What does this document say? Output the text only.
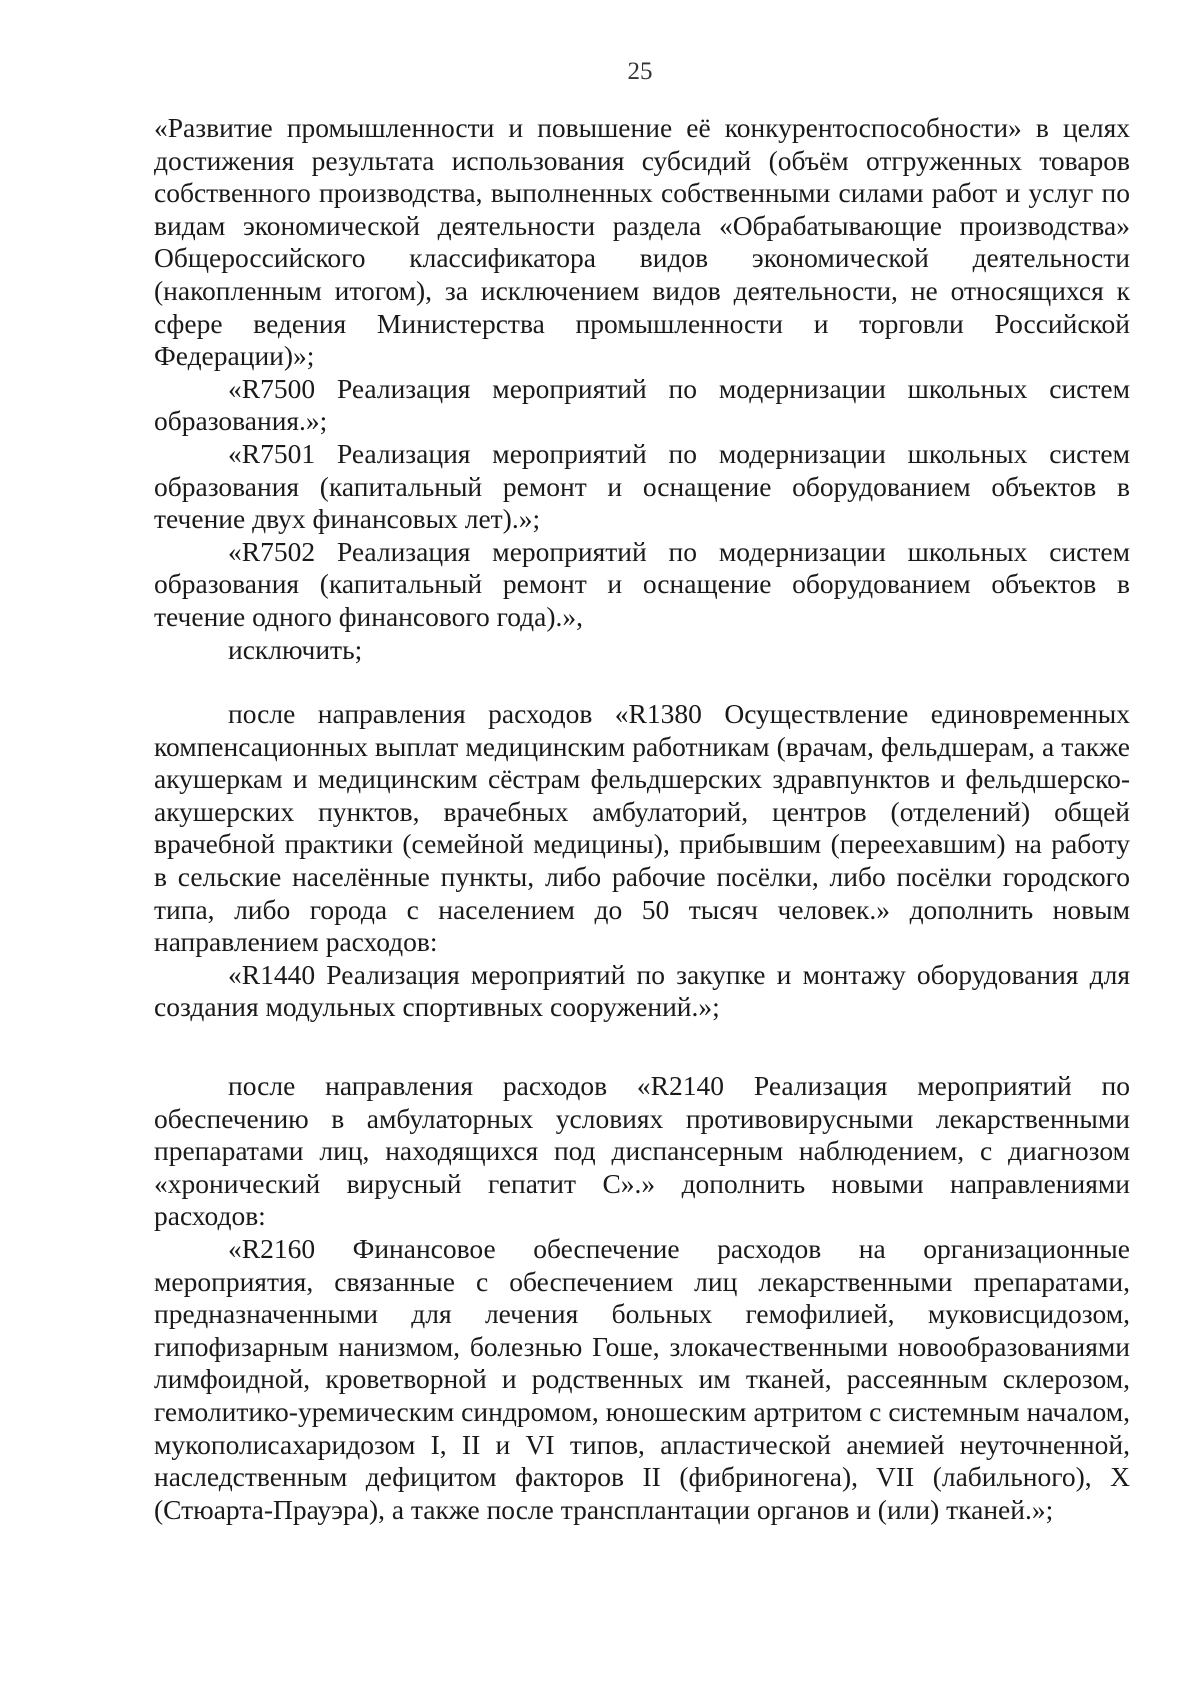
25

«Развитие промышленности и повышение её конкурентоспособности» в целях достижения результата использования субсидий (объём отгруженных товаров собственного производства, выполненных собственными силами работ и услуг по видам экономической деятельности раздела «Обрабатывающие производства» Общероссийского классификатора видов экономической деятельности (накопленным итогом), за исключением видов деятельности, не относящихся к сфере ведения Министерства промышленности и торговли Российской Федерации)»;

«R7500 Реализация мероприятий по модернизации школьных систем образования.»;

«R7501 Реализация мероприятий по модернизации школьных систем образования (капитальный ремонт и оснащение оборудованием объектов в течение двух финансовых лет).»;

«R7502 Реализация мероприятий по модернизации школьных систем образования (капитальный ремонт и оснащение оборудованием объектов в течение одного финансового года).»,

исключить;

после направления расходов «R1380 Осуществление единовременных компенсационных выплат медицинским работникам (врачам, фельдшерам, а также акушеркам и медицинским сёстрам фельдшерских здравпунктов и фельдшерско-акушерских пунктов, врачебных амбулаторий, центров (отделений) общей врачебной практики (семейной медицины), прибывшим (переехавшим) на работу в сельские населённые пункты, либо рабочие посёлки, либо посёлки городского типа, либо города с населением до 50 тысяч человек.» дополнить новым направлением расходов:

«R1440 Реализация мероприятий по закупке и монтажу оборудования для создания модульных спортивных сооружений.»;

после направления расходов «R2140 Реализация мероприятий по обеспечению в амбулаторных условиях противовирусными лекарственными препаратами лиц, находящихся под диспансерным наблюдением, с диагнозом «хронический вирусный гепатит С».» дополнить новыми направлениями расходов:

«R2160 Финансовое обеспечение расходов на организационные мероприятия, связанные с обеспечением лиц лекарственными препаратами, предназначенными для лечения больных гемофилией, муковисцидозом, гипофизарным нанизмом, болезнью Гоше, злокачественными новообразованиями лимфоидной, кроветворной и родственных им тканей, рассеянным склерозом, гемолитико-уремическим синдромом, юношеским артритом с системным началом, мукополисахаридозом I, II и VI типов, апластической анемией неуточненной, наследственным дефицитом факторов II (фибриногена), VII (лабильного), X (Стюарта-Прауэра), а также после трансплантации органов и (или) тканей.»;
